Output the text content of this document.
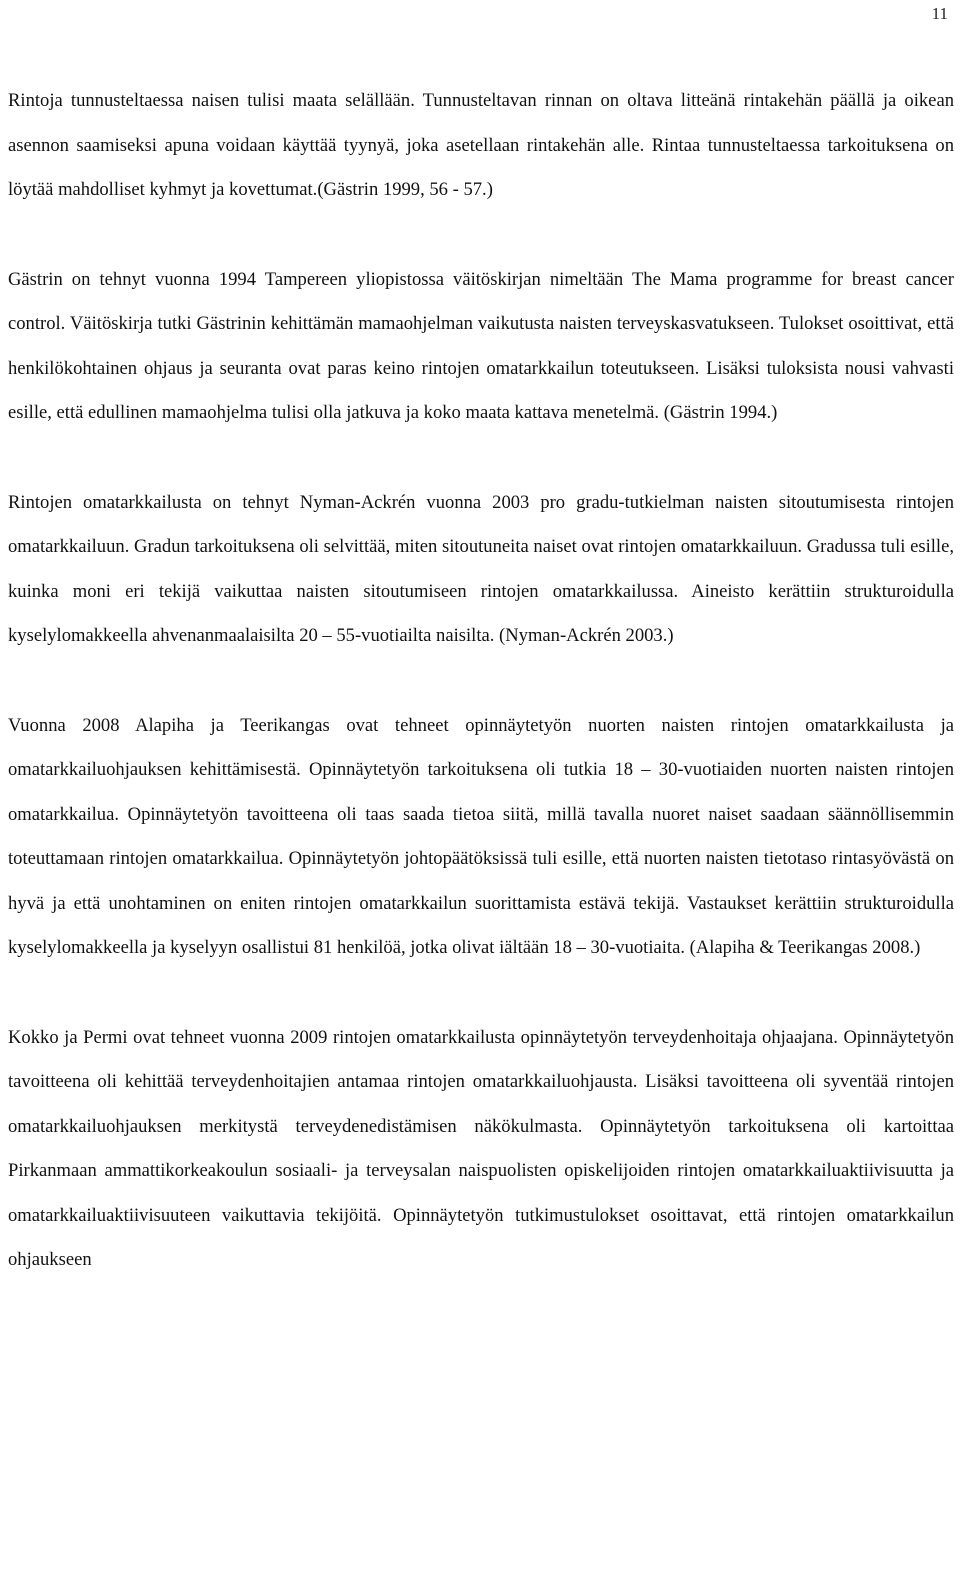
11

Rintoja tunnusteltaessa naisen tulisi maata selällään. Tunnusteltavan rinnan on oltava litteänä rintakehän päällä ja oikean asennon saamiseksi apuna voidaan käyttää tyynyä, joka asetellaan rintakehän alle. Rintaa tunnusteltaessa tarkoituksena on löytää mahdolliset kyhmyt ja kovettumat.(Gästrin 1999, 56 - 57.)

Gästrin on tehnyt vuonna 1994 Tampereen yliopistossa väitöskirjan nimeltään The Mama programme for breast cancer control. Väitöskirja tutki Gästrinin kehittämän mamaohjelman vaikutusta naisten terveyskasvatukseen. Tulokset osoittivat, että henkilökohtainen ohjaus ja seuranta ovat paras keino rintojen omatarkkailun toteutukseen. Lisäksi tuloksista nousi vahvasti esille, että edullinen mamaohjelma tulisi olla jatkuva ja koko maata kattava menetelmä. (Gästrin 1994.)

Rintojen omatarkkailusta on tehnyt Nyman-Ackrén vuonna 2003 pro gradu-tutkielman naisten sitoutumisesta rintojen omatarkkailuun. Gradun tarkoituksena oli selvittää, miten sitoutuneita naiset ovat rintojen omatarkkailuun. Gradussa tuli esille, kuinka moni eri tekijä vaikuttaa naisten sitoutumiseen rintojen omatarkkailussa. Aineisto kerättiin strukturoidulla kyselylomakkeella ahvenanmaalaisilta 20 – 55-vuotiailta naisilta. (Nyman-Ackrén 2003.)

Vuonna 2008 Alapiha ja Teerikangas ovat tehneet opinnäytetyön nuorten naisten rintojen omatarkkailusta ja omatarkkailuohjauksen kehittämisestä. Opinnäytetyön tarkoituksena oli tutkia 18 – 30-vuotiaiden nuorten naisten rintojen omatarkkailua. Opinnäytetyön tavoitteena oli taas saada tietoa siitä, millä tavalla nuoret naiset saadaan säännöllisemmin toteuttamaan rintojen omatarkkailua. Opinnäytetyön johtopäätöksissä tuli esille, että nuorten naisten tietotaso rintasyövästä on hyvä ja että unohtaminen on eniten rintojen omatarkkailun suorittamista estävä tekijä. Vastaukset kerättiin strukturoidulla kyselylomakkeella ja kyselyyn osallistui 81 henkilöä, jotka olivat iältään 18 – 30-vuotiaita. (Alapiha & Teerikangas 2008.)

Kokko ja Permi ovat tehneet vuonna 2009 rintojen omatarkkailusta opinnäytetyön terveydenhoitaja ohjaajana. Opinnäytetyön tavoitteena oli kehittää terveydenhoitajien antamaa rintojen omatarkkailuohjausta. Lisäksi tavoitteena oli syventää rintojen omatarkkailuohjauksen merkitystä terveydenedistämisen näkökulmasta. Opinnäytetyön tarkoituksena oli kartoittaa Pirkanmaan ammattikorkeakoulun sosiaali- ja terveysalan naispuolisten opiskelijoiden rintojen omatarkkailuaktiivisuutta ja omatarkkailuaktiivisuuteen vaikuttavia tekijöitä. Opinnäytetyön tutkimustulokset osoittavat, että rintojen omatarkkailun ohjaukseen
